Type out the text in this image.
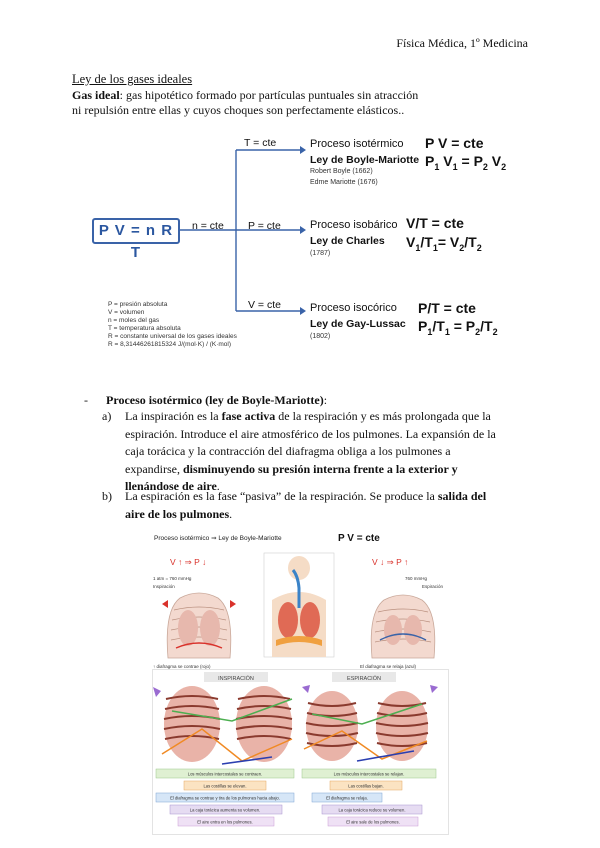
Física Médica, 1º Medicina
Ley de los gases ideales
Gas ideal: gas hipotético formado por partículas puntuales sin atracción
ni repulsión entre ellas y cuyos choques son perfectamente elásticos..
P V = n R T
n = cte
T = cte	Proceso isotérmico
Ley de Boyle-Mariotte
Robert Boyle (1662)
Edme Mariotte (1676)
P V = cte
$P_1$ $V_1 = P_2$ $V_2$
P = cte	Proceso isobárico
Ley de Charles
(1787)
V/T = cte
$V_1/T_1= V_2/T_2$
V = cte	Proceso isocórico
Ley de Gay-Lussac
(1802)
P/T = cte
$P_1/T_1 = P_2/T_2$
P = presión absoluta
V = volumen
n = moles del gas
T = temperatura absoluta
R = constante universal de los gases ideales
R = 8,314462618153​24 J/(mol·K) / (K·mol)
- Proceso isotérmico (ley de Boyle-Mariotte):
a) La inspiración es la fase activa de la respiración y es más prolongada que la
espiración. Introduce el aire atmosférico de los pulmones. La expansión de la
caja torácica y la contracción del diafragma obliga a los pulmones a
expandirse, disminuyendo su presión interna frente a la exterior y
llenándose de aire.
b) La espiración es la fase “pasiva” de la respiración. Se produce la salida del
aire de los pulmones.
Proceso isotérmico ⇒ Ley de Boyle-Mariotte	P V = cte
V ↑ ⇒ P ↓
1 atm = 760 mmHg
Inspiración
↑ diafragma se contrae (rojo)
V ↓ ⇒ P ↑
760 mmHg
Espiración
El diafragma se relaja (azul)
INSPIRACIÓN	ESPIRACIÓN
Los músculos intercostales se contraen.
Las costillas se elevan.
El diafragma se contrae y tira de los pulmones hacia abajo.
La caja torácica aumenta su volumen.
El aire entra en los pulmones.
Los músculos intercostales se relajan.
Las costillas bajan.
El diafragma se relaja.
La caja torácica reduce su volumen.
El aire sale de los pulmones.
